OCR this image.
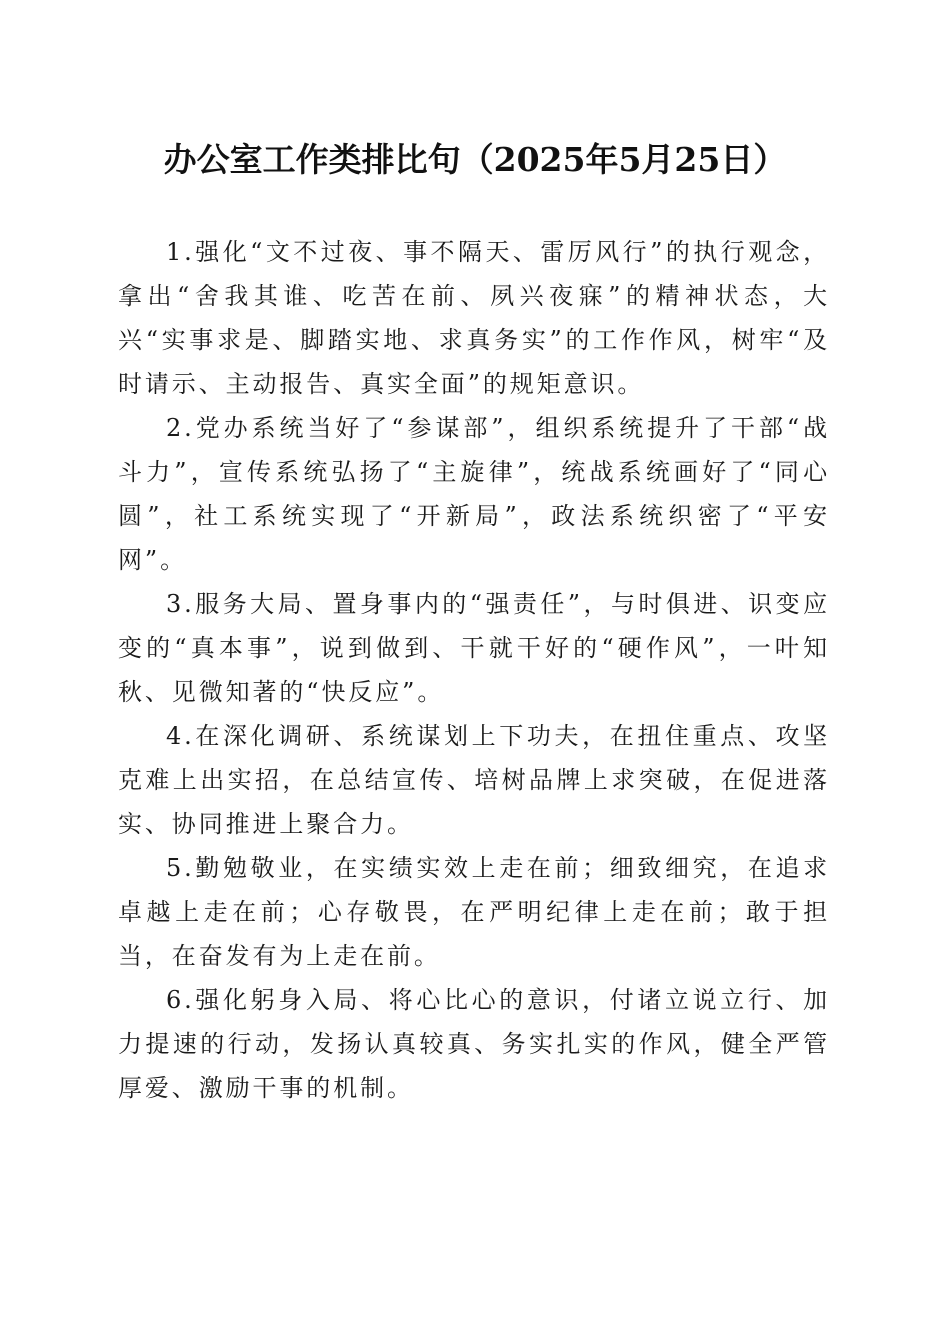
办公室工作类排比句（2025年5月25日）

1.强化“文不过夜、事不隔天、雷厉风行”的执行观念，拿出“舍我其谁、吃苦在前、夙兴夜寐”的精神状态，大兴“实事求是、脚踏实地、求真务实”的工作作风，树牢“及时请示、主动报告、真实全面”的规矩意识。

2.党办系统当好了“参谋部”，组织系统提升了干部“战斗力”，宣传系统弘扬了“主旋律”，统战系统画好了“同心圆”，社工系统实现了“开新局”，政法系统织密了“平安网”。

3.服务大局、置身事内的“强责任”，与时俱进、识变应变的“真本事”，说到做到、干就干好的“硬作风”，一叶知秋、见微知著的“快反应”。

4.在深化调研、系统谋划上下功夫，在扭住重点、攻坚克难上出实招，在总结宣传、培树品牌上求突破，在促进落实、协同推进上聚合力。

5.勤勉敬业，在实绩实效上走在前；细致细究，在追求卓越上走在前；心存敬畏，在严明纪律上走在前；敢于担当，在奋发有为上走在前。

6.强化躬身入局、将心比心的意识，付诸立说立行、加力提速的行动，发扬认真较真、务实扎实的作风，健全严管厚爱、激励干事的机制。
